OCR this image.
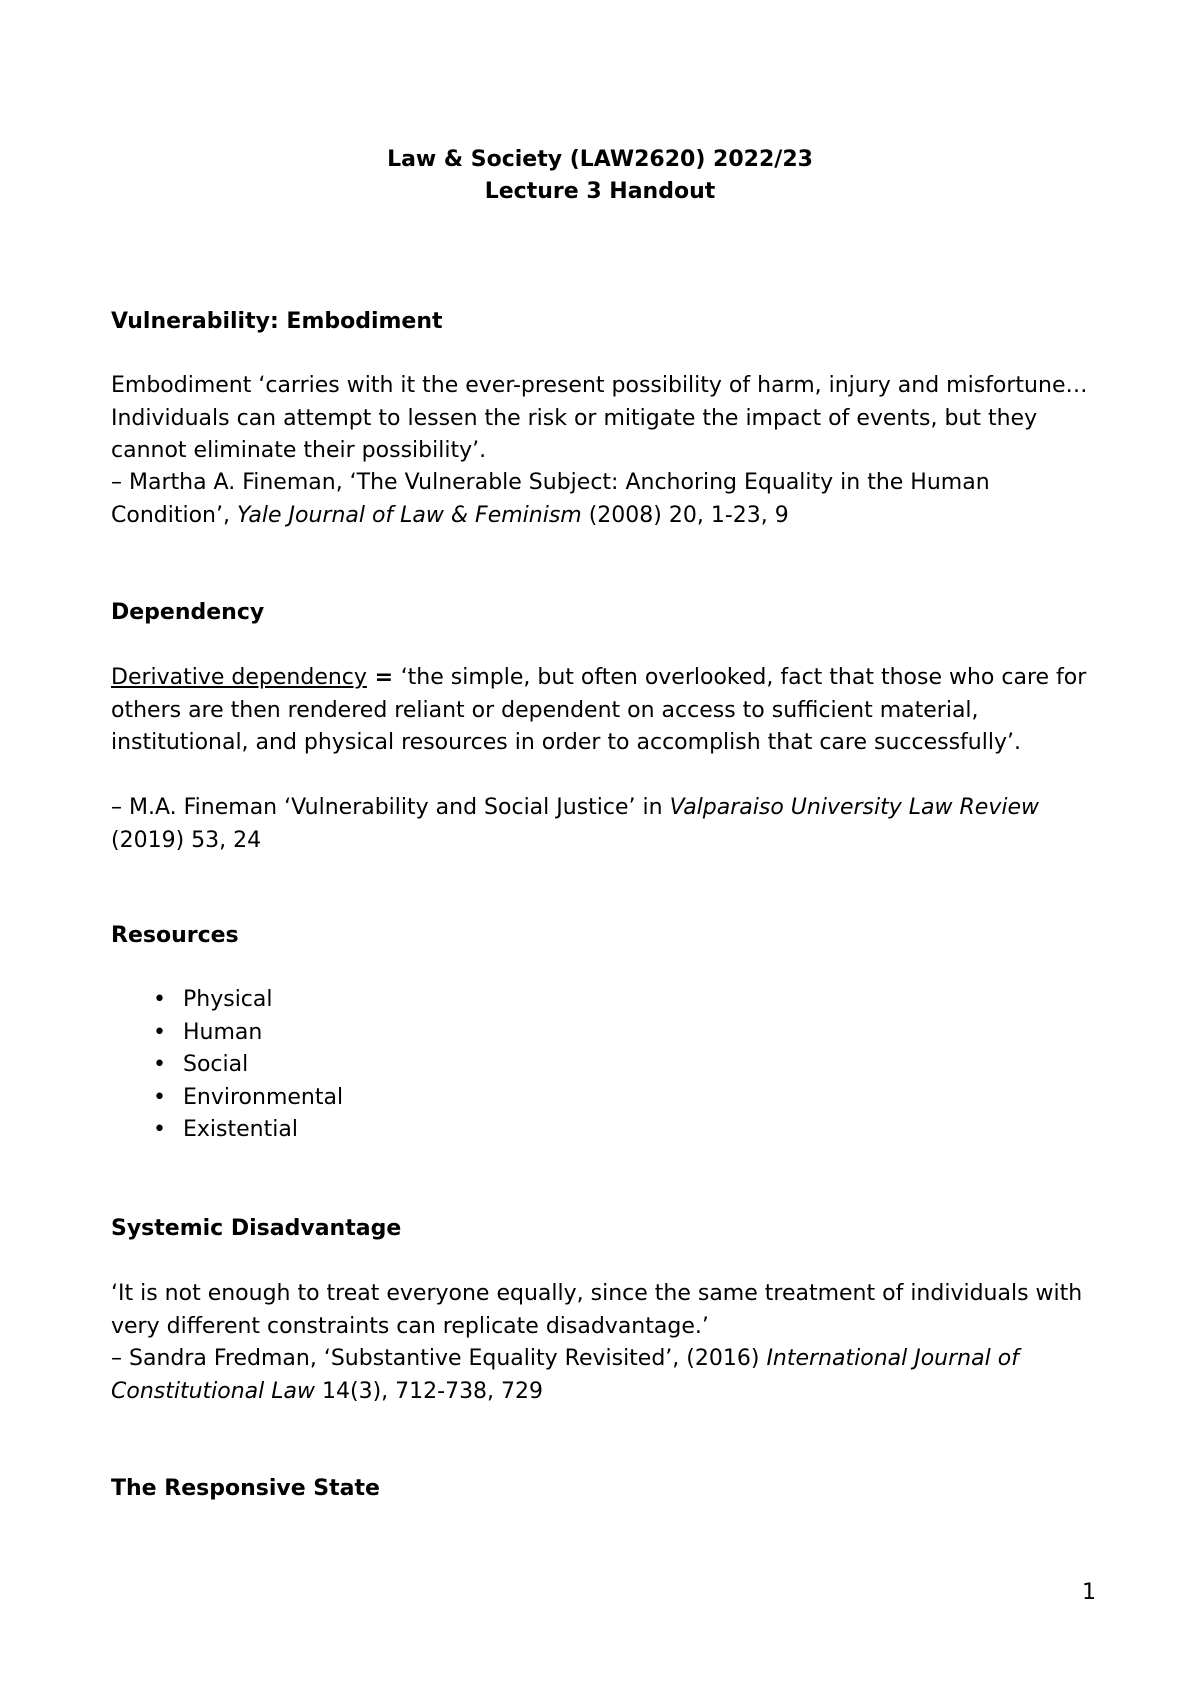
Law & Society (LAW2620) 2022/23
Lecture 3 Handout
Vulnerability: Embodiment

Embodiment ‘carries with it the ever-present possibility of harm, injury and misfortune… Individuals can attempt to lessen the risk or mitigate the impact of events, but they cannot eliminate their possibility’.

– Martha A. Fineman, ‘The Vulnerable Subject: Anchoring Equality in the Human Condition’, Yale Journal of Law & Feminism (2008) 20, 1-23, 9

Dependency

Derivative dependency = ‘the simple, but often overlooked, fact that those who care for others are then rendered reliant or dependent on access to sufficient material, institutional, and physical resources in order to accomplish that care successfully’.

– M.A. Fineman ‘Vulnerability and Social Justice’ in Valparaiso University Law Review (2019) 53, 24

Resources
• Physical
• Human
• Social
• Environmental
• Existential
Systemic Disadvantage

‘It is not enough to treat everyone equally, since the same treatment of individuals with very different constraints can replicate disadvantage.’

– Sandra Fredman, ‘Substantive Equality Revisited’, (2016) International Journal of Constitutional Law 14(3), 712-738, 729

The Responsive State
1
